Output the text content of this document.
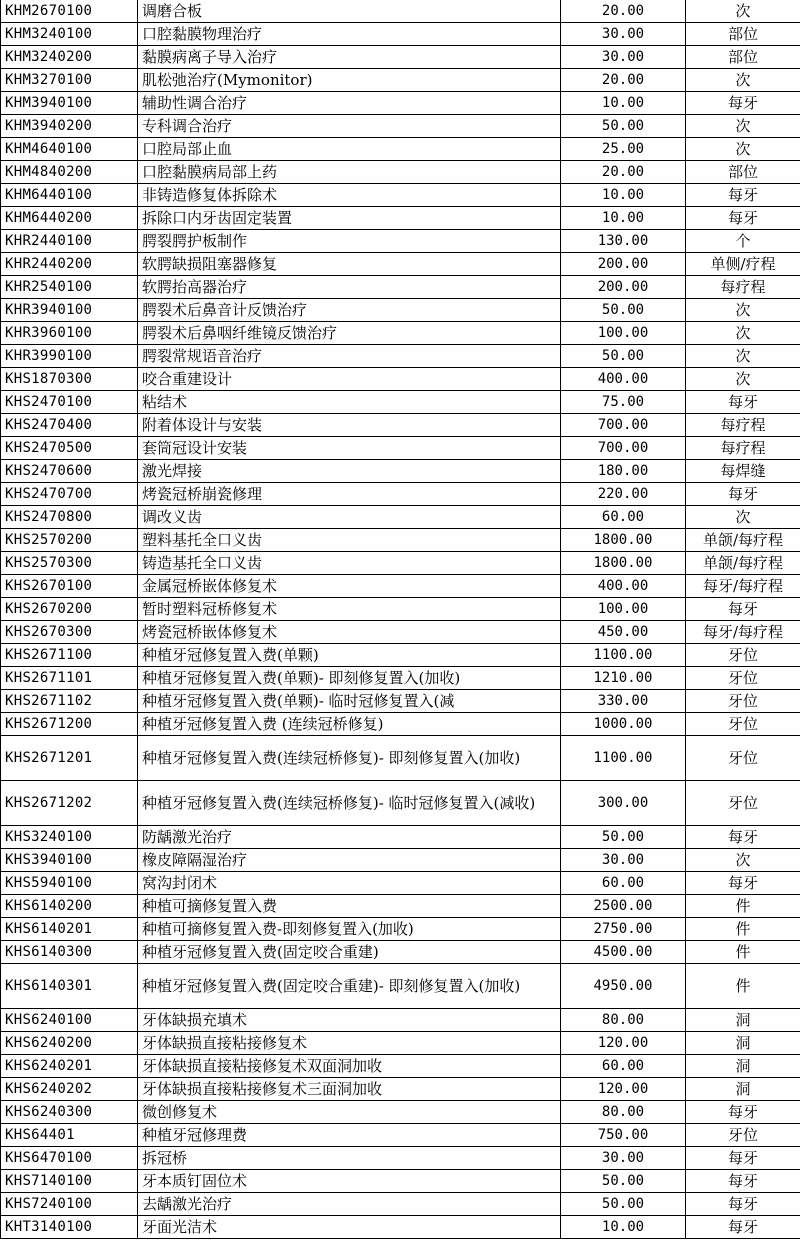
KHM2670100	调磨合板	20.00	次
KHM3240100	口腔黏膜物理治疗	30.00	部位
KHM3240200	黏膜病离子导入治疗	30.00	部位
KHM3270100	肌松弛治疗(Mymonitor)	20.00	次
KHM3940100	辅助性调合治疗	10.00	每牙
KHM3940200	专科调合治疗	50.00	次
KHM4640100	口腔局部止血	25.00	次
KHM4840200	口腔黏膜病局部上药	20.00	部位
KHM6440100	非铸造修复体拆除术	10.00	每牙
KHM6440200	拆除口内牙齿固定装置	10.00	每牙
KHR2440100	腭裂腭护板制作	130.00	个
KHR2440200	软腭缺损阻塞器修复	200.00	单侧/疗程
KHR2540100	软腭抬高器治疗	200.00	每疗程
KHR3940100	腭裂术后鼻音计反馈治疗	50.00	次
KHR3960100	腭裂术后鼻咽纤维镜反馈治疗	100.00	次
KHR3990100	腭裂常规语音治疗	50.00	次
KHS1870300	咬合重建设计	400.00	次
KHS2470100	粘结术	75.00	每牙
KHS2470400	附着体设计与安装	700.00	每疗程
KHS2470500	套筒冠设计安装	700.00	每疗程
KHS2470600	激光焊接	180.00	每焊缝
KHS2470700	烤瓷冠桥崩瓷修理	220.00	每牙
KHS2470800	调改义齿	60.00	次
KHS2570200	塑料基托全口义齿	1800.00	单颌/每疗程
KHS2570300	铸造基托全口义齿	1800.00	单颌/每疗程
KHS2670100	金属冠桥嵌体修复术	400.00	每牙/每疗程
KHS2670200	暂时塑料冠桥修复术	100.00	每牙
KHS2670300	烤瓷冠桥嵌体修复术	450.00	每牙/每疗程
KHS2671100	种植牙冠修复置入费(单颗)	1100.00	牙位
KHS2671101	种植牙冠修复置入费(单颗)- 即刻修复置入(加收)	1210.00	牙位
KHS2671102	种植牙冠修复置入费(单颗)- 临时冠修复置入(减	330.00	牙位
KHS2671200	种植牙冠修复置入费 (连续冠桥修复)	1000.00	牙位
KHS2671201	种植牙冠修复置入费(连续冠桥修复)- 即刻修复置入(加收)	1100.00	牙位
KHS2671202	种植牙冠修复置入费(连续冠桥修复)- 临时冠修复置入(减收)	300.00	牙位
KHS3240100	防龋激光治疗	50.00	每牙
KHS3940100	橡皮障隔湿治疗	30.00	次
KHS5940100	窝沟封闭术	60.00	每牙
KHS6140200	种植可摘修复置入费	2500.00	件
KHS6140201	种植可摘修复置入费-即刻修复置入(加收)	2750.00	件
KHS6140300	种植牙冠修复置入费(固定咬合重建)	4500.00	件
KHS6140301	种植牙冠修复置入费(固定咬合重建)- 即刻修复置入(加收)	4950.00	件
KHS6240100	牙体缺损充填术	80.00	洞
KHS6240200	牙体缺损直接粘接修复术	120.00	洞
KHS6240201	牙体缺损直接粘接修复术双面洞加收	60.00	洞
KHS6240202	牙体缺损直接粘接修复术三面洞加收	120.00	洞
KHS6240300	微创修复术	80.00	每牙
KHS64401	种植牙冠修理费	750.00	牙位
KHS6470100	拆冠桥	30.00	每牙
KHS7140100	牙本质钉固位术	50.00	每牙
KHS7240100	去龋激光治疗	50.00	每牙
KHT3140100	牙面光洁术	10.00	每牙
